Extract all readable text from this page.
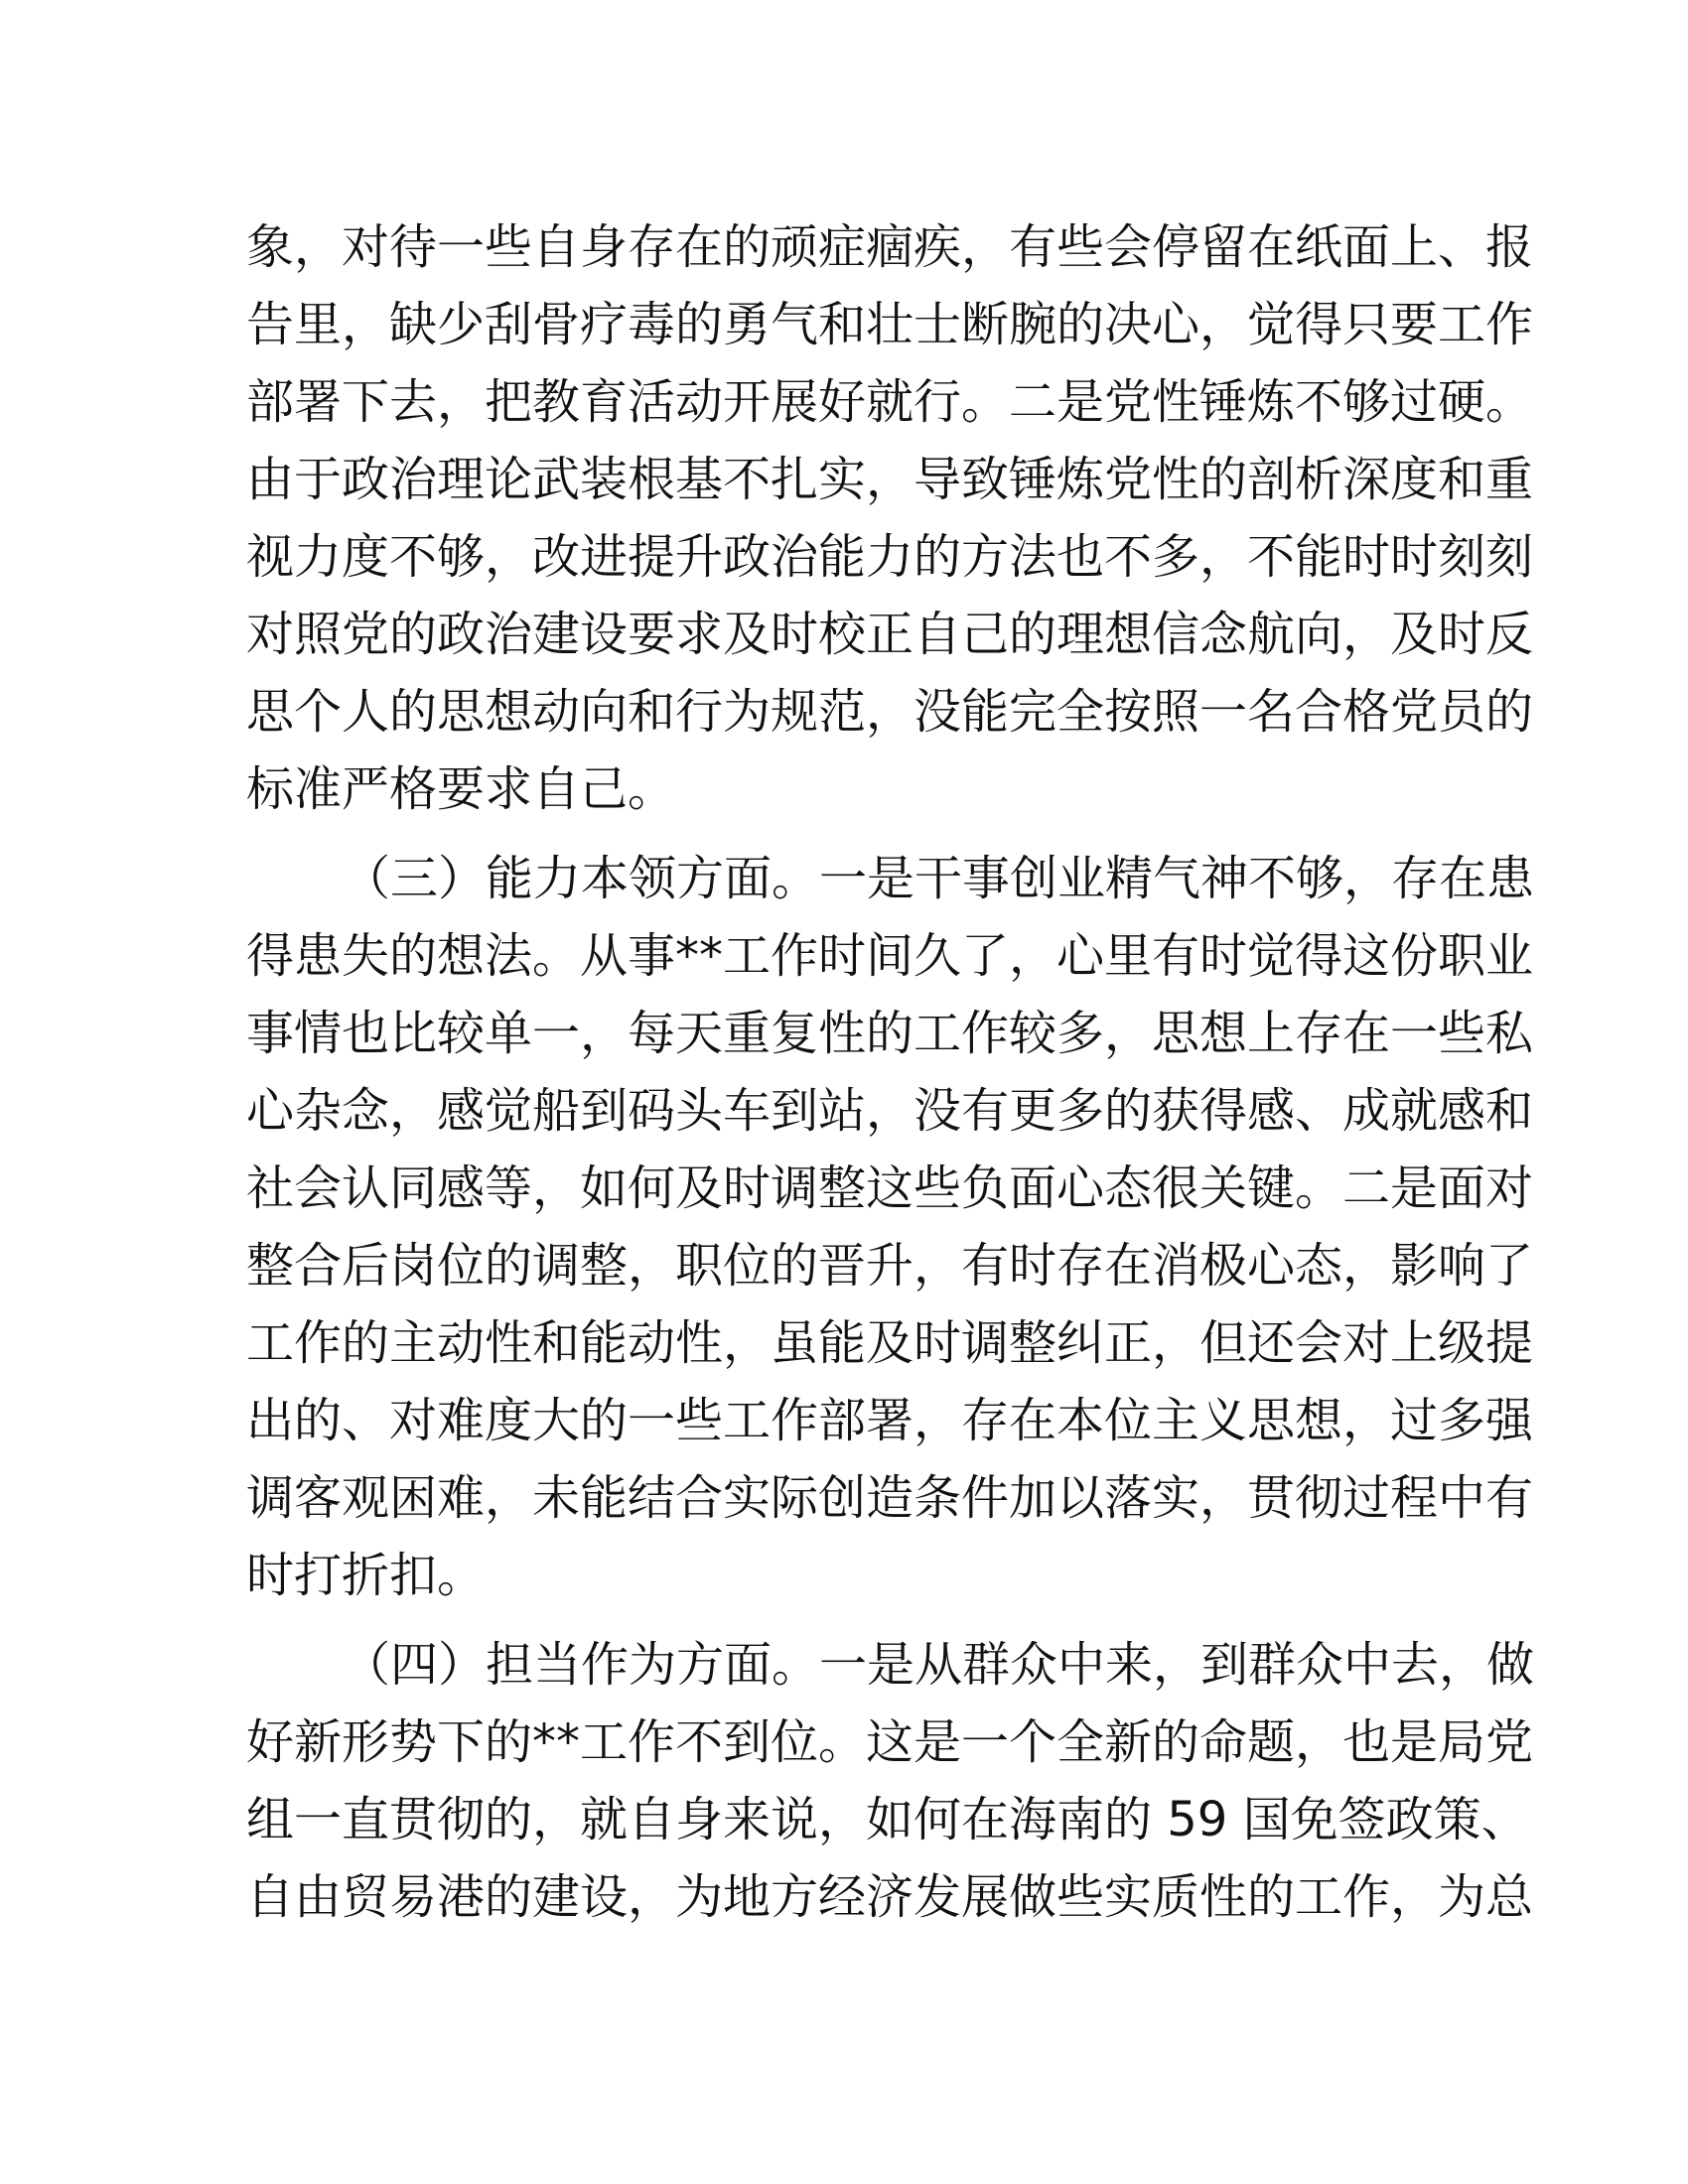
象，对待一些自身存在的顽症痼疾，有些会停留在纸面上、报
告里，缺少刮骨疗毒的勇气和壮士断腕的决心，觉得只要工作
部署下去，把教育活动开展好就行。二是党性锤炼不够过硬。
由于政治理论武装根基不扎实，导致锤炼党性的剖析深度和重
视力度不够，改进提升政治能力的方法也不多，不能时时刻刻
对照党的政治建设要求及时校正自己的理想信念航向，及时反
思个人的思想动向和行为规范，没能完全按照一名合格党员的
标准严格要求自己。
（三）能力本领方面。一是干事创业精气神不够，存在患
得患失的想法。从事**工作时间久了，心里有时觉得这份职业
事情也比较单一，每天重复性的工作较多，思想上存在一些私
心杂念，感觉船到码头车到站，没有更多的获得感、成就感和
社会认同感等，如何及时调整这些负面心态很关键。二是面对
整合后岗位的调整，职位的晋升，有时存在消极心态，影响了
工作的主动性和能动性，虽能及时调整纠正，但还会对上级提
出的、对难度大的一些工作部署，存在本位主义思想，过多强
调客观困难，未能结合实际创造条件加以落实，贯彻过程中有
时打折扣。
（四）担当作为方面。一是从群众中来，到群众中去，做
好新形势下的**工作不到位。这是一个全新的命题，也是局党
组一直贯彻的，就自身来说，如何在海南的 59 国免签政策、
自由贸易港的建设，为地方经济发展做些实质性的工作，为总
